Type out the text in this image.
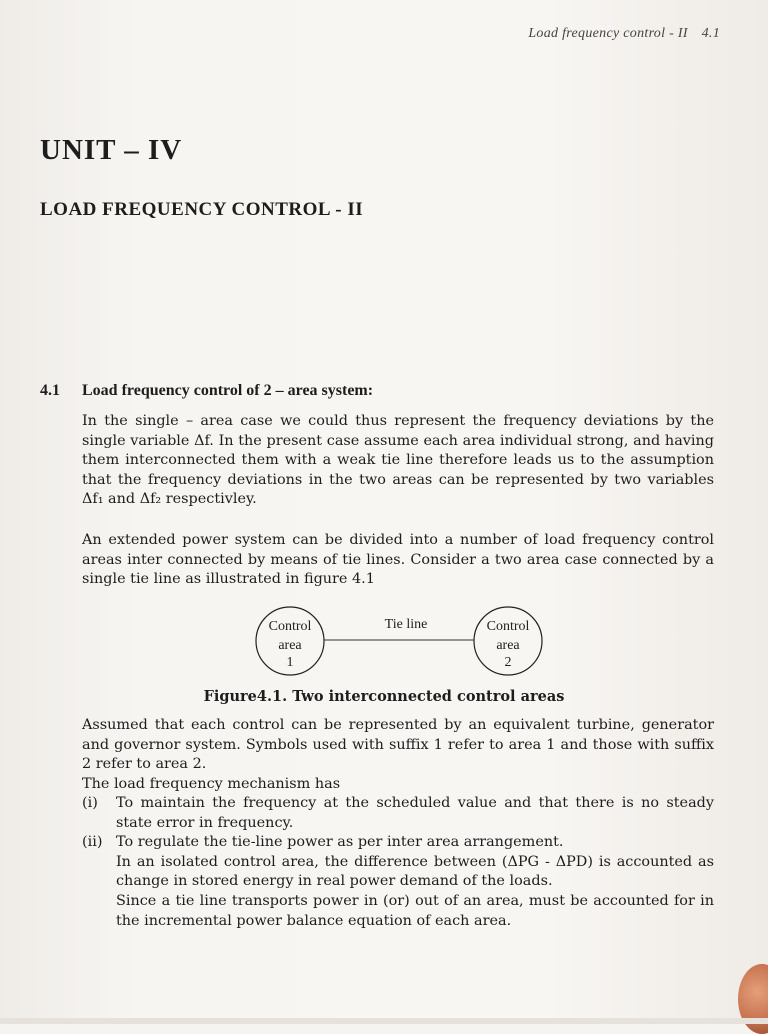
Load frequency control - II 4.1
UNIT – IV
LOAD FREQUENCY CONTROL - II
4.1 Load frequency control of 2 – area system:

In the single – area case we could thus represent the frequency deviations by the single variable Δf. In the present case assume each area individual strong, and having them interconnected them with a weak tie line therefore leads us to the assumption that the frequency deviations in the two areas can be represented by two variables Δf₁ and Δf₂ respectivley.

An extended power system can be divided into a number of load frequency control areas inter connected by means of tie lines. Consider a two area case connected by a single tie line as illustrated in figure 4.1

Control
area
1
Control
area
2
Tie line
Figure4.1. Two interconnected control areas

Assumed that each control can be represented by an equivalent turbine, generator and governor system. Symbols used with suffix 1 refer to area 1 and those with suffix 2 refer to area 2.

The load frequency mechanism has

(i) To maintain the frequency at the scheduled value and that there is no steady state error in frequency.

(ii) To regulate the tie-line power as per inter area arrangement.

In an isolated control area, the difference between (ΔPG - ΔPD) is accounted as change in stored energy in real power demand of the loads.

Since a tie line transports power in (or) out of an area, must be accounted for in the incremental power balance equation of each area.
